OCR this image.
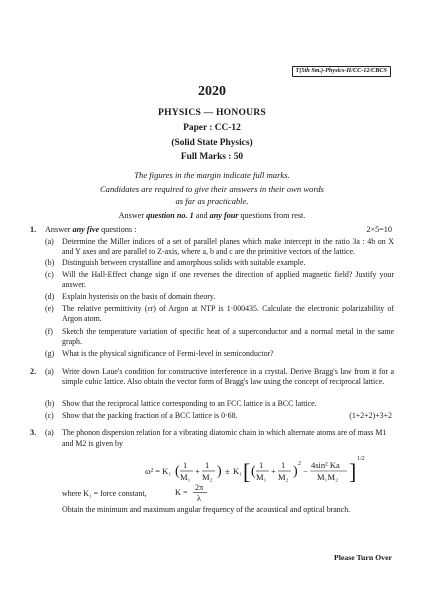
T(5th Sm.)-Physics-H/CC-12/CBCS
2020
PHYSICS — HONOURS
Paper : CC-12
(Solid State Physics)
Full Marks : 50
The figures in the margin indicate full marks.
Candidates are required to give their answers in their own words
as far as practicable.
Answer question no. 1 and any four questions from rest.
1. Answer any five questions :	2×5=10
(a) Determine the Miller indices of a set of parallel planes which make intercept in the ratio 3a : 4b on X and Y axes and are parallel to Z-axis, where a, b and c are the primitive vectors of the lattice.
(b) Distinguish between crystalline and amorphous solids with suitable example.
(c) Will the Hall-Effect change sign if one reverses the direction of applied magnetic field? Justify your answer.
(d) Explain hysterisis on the basis of domain theory.
(e) The relative permittivity (εr) of Argon at NTP is 1·000435. Calculate the electronic polarizability of Argon atom.
(f) Sketch the temperature variation of specific heat of a superconductor and a normal metal in the same graph.
(g) What is the physical significance of Fermi-level in semiconductor?
2. (a) Write down Laue's condition for constructive interference in a crystal. Derive Bragg's law from it for a simple cubic lattice. Also obtain the vector form of Bragg's law using the concept of reciprocal lattice.
(b) Show that the reciprocal lattice corresponding to an FCC lattice is a BCC lattice.
(c) Show that the packing fraction of a BCC lattice is 0·68.	(1+2+2)+3+2
3. (a) The phonon dispersion relation for a vibrating diatomic chain in which alternate atoms are of mass M1
and M2 is given by
ω² = K₁ ( 1
M₁
+
1
M₂ ) ± K₁ [ ( 1
M₁
+
1
M₂ ) 2
−
4sin² Ka
M₁M₂ ] 1/2
where K₁ = force constant,	K =
2π
λ
Obtain the minimum and maximum angular frequency of the acoustical and optical branch.
Please Turn Over
